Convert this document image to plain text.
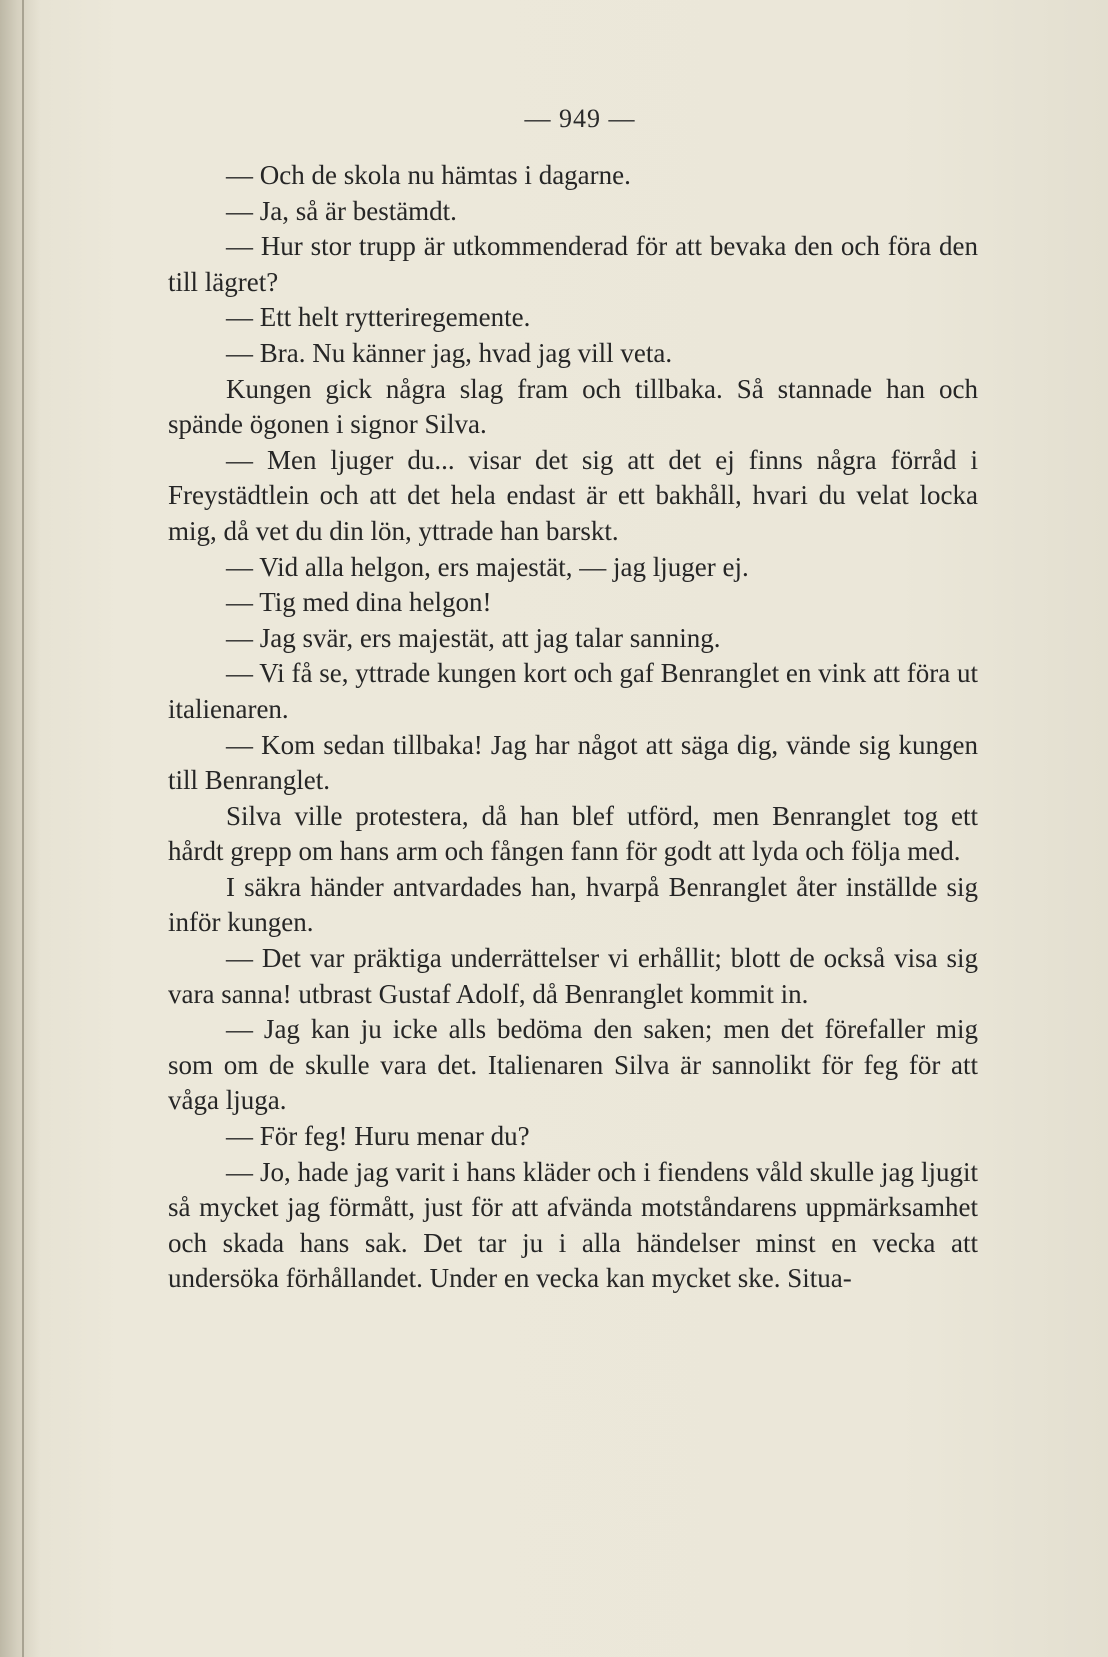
— 949 —

— Och de skola nu hämtas i dagarne.

— Ja, så är bestämdt.

— Hur stor trupp är utkommenderad för att bevaka den och föra den till lägret?

— Ett helt rytteriregemente.

— Bra. Nu känner jag, hvad jag vill veta.

Kungen gick några slag fram och tillbaka. Så stannade han och spände ögonen i signor Silva.

— Men ljuger du... visar det sig att det ej finns några förråd i Freystädtlein och att det hela endast är ett bakhåll, hvari du velat locka mig, då vet du din lön, yttrade han barskt.

— Vid alla helgon, ers majestät, — jag ljuger ej.

— Tig med dina helgon!

— Jag svär, ers majestät, att jag talar sanning.

— Vi få se, yttrade kungen kort och gaf Benranglet en vink att föra ut italienaren.

— Kom sedan tillbaka! Jag har något att säga dig, vände sig kungen till Benranglet.

Silva ville protestera, då han blef utförd, men Benranglet tog ett hårdt grepp om hans arm och fången fann för godt att lyda och följa med.

I säkra händer antvardades han, hvarpå Benranglet åter inställde sig inför kungen.

— Det var präktiga underrättelser vi erhållit; blott de också visa sig vara sanna! utbrast Gustaf Adolf, då Benranglet kommit in.

— Jag kan ju icke alls bedöma den saken; men det förefaller mig som om de skulle vara det. Italienaren Silva är sannolikt för feg för att våga ljuga.

— För feg! Huru menar du?

— Jo, hade jag varit i hans kläder och i fiendens våld skulle jag ljugit så mycket jag förmått, just för att afvända motståndarens uppmärksamhet och skada hans sak. Det tar ju i alla händelser minst en vecka att undersöka förhållandet. Under en vecka kan mycket ske. Situa-
